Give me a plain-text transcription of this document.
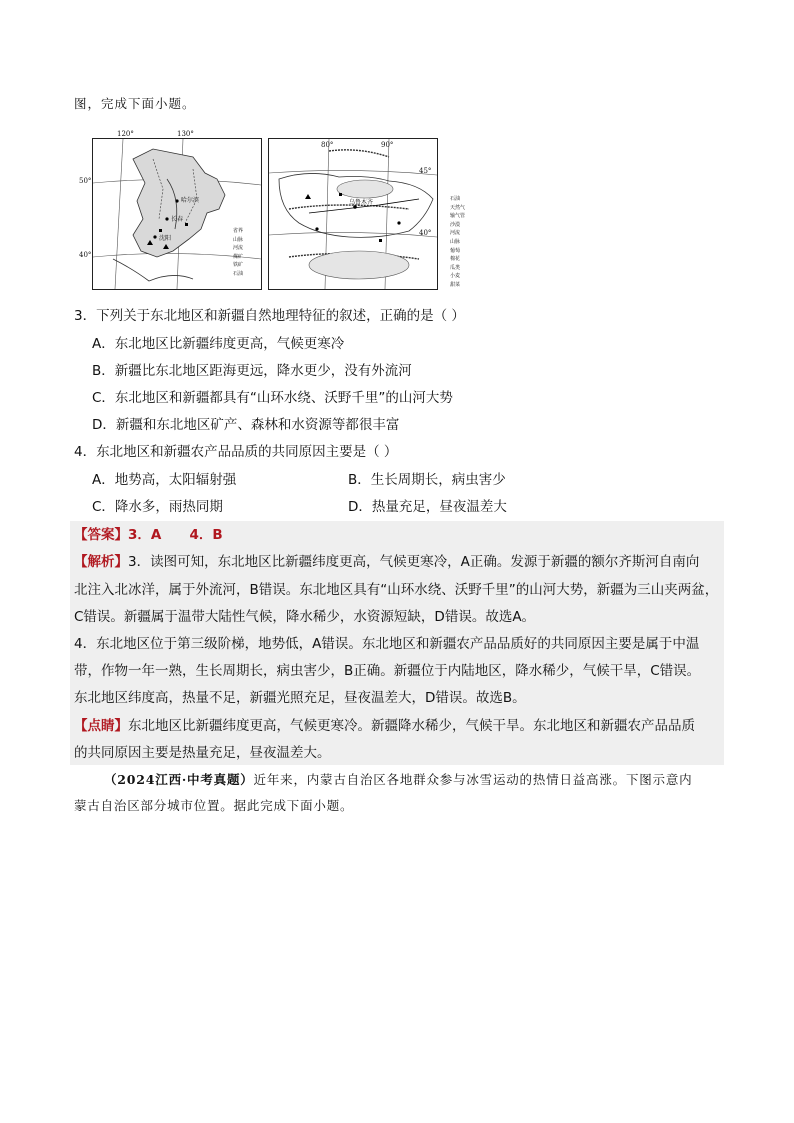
图，完成下面小题。
120°	130°
50°
40°
哈尔滨
长春
沈阳
省界
山脉
河流
煤矿
铁矿
石油
80°	90°
45°
40°
乌鲁木齐	石油
天然气
输气管
沙漠
河流
山脉
葡萄
棉花
瓜类
小麦
甜菜
3．下列关于东北地区和新疆自然地理特征的叙述，正确的是（ ）
A．东北地区比新疆纬度更高，气候更寒冷
B．新疆比东北地区距海更远，降水更少，没有外流河
C．东北地区和新疆都具有“山环水绕、沃野千里”的山河大势
D．新疆和东北地区矿产、森林和水资源等都很丰富
4．东北地区和新疆农产品品质的共同原因主要是（ ）
A．地势高，太阳辐射强	B．生长周期长，病虫害少
C．降水多，雨热同期	D．热量充足，昼夜温差大
【答案】3．A      4．B
【解析】3．读图可知，东北地区比新疆纬度更高，气候更寒冷，A正确。发源于新疆的额尔齐斯河自南向
北注入北冰洋，属于外流河，B错误。东北地区具有“山环水绕、沃野千里”的山河大势，新疆为三山夹两盆，
C错误。新疆属于温带大陆性气候，降水稀少，水资源短缺，D错误。故选A。
4．东北地区位于第三级阶梯，地势低，A错误。东北地区和新疆农产品品质好的共同原因主要是属于中温
带，作物一年一熟，生长周期长，病虫害少，B正确。新疆位于内陆地区，降水稀少，气候干旱，C错误。
东北地区纬度高，热量不足，新疆光照充足，昼夜温差大，D错误。故选B。
【点睛】东北地区比新疆纬度更高，气候更寒冷。新疆降水稀少，气候干旱。东北地区和新疆农产品品质
的共同原因主要是热量充足，昼夜温差大。
（2024江西·中考真题）近年来，内蒙古自治区各地群众参与冰雪运动的热情日益高涨。下图示意内
蒙古自治区部分城市位置。据此完成下面小题。
